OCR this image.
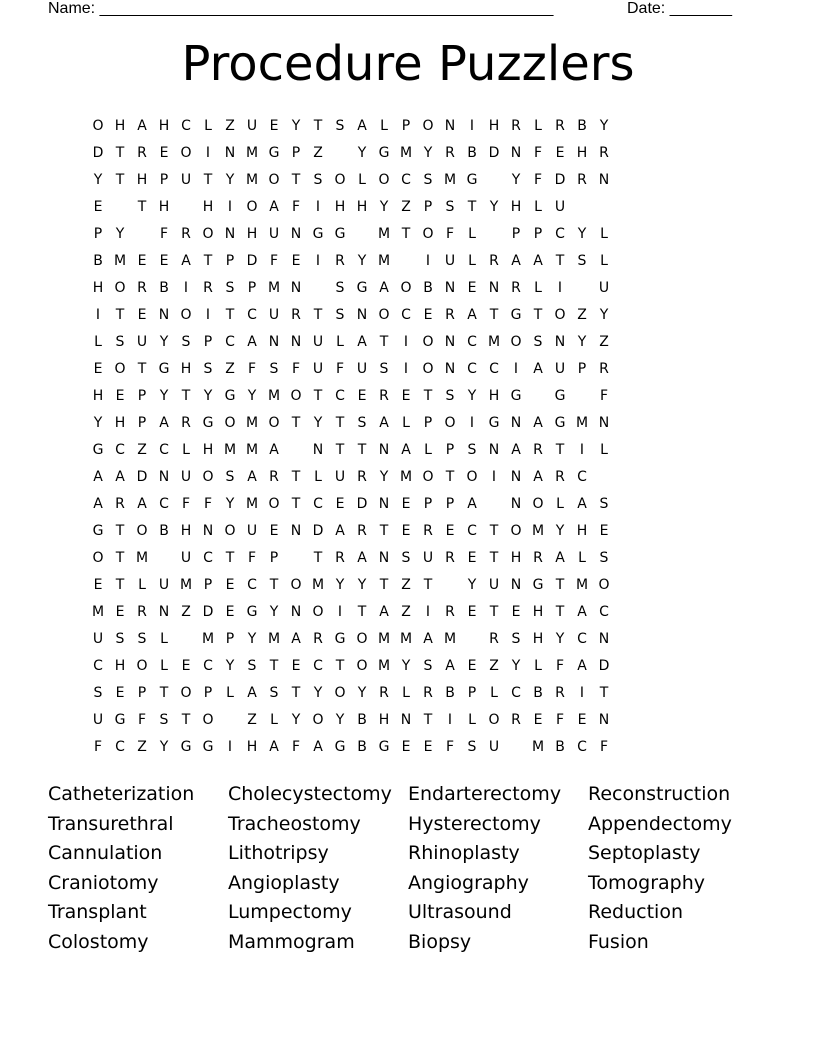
Name: ___________________________________________________

	Date: _______

Procedure Puzzlers
O H A H C L Z U E Y T S A L P O N I H R L R B Y
D T R E O I N M G P Z Y G M Y R B D N F E H R
Y T H P U T Y M O T S O L O C S M G Y F D R N
E	T H H I O A F I H H Y Z P S T Y H L U
P Y	F R O N H U N G G M T O F L	P P C Y L
B M E E A T P D F E I R Y M	I U L R A A T S L
H O R B I R S P M N S G A O B N E N R L I	U
I T E N O I T C U R T S N O C E R A T G T O Z Y
L S U Y S P C A N N U L A T I O N C M O S N Y Z
E O T G H S Z F S F U F U S I O N C C I A U P R
H E P Y T Y G Y M O T C E R E T S Y H G G F
Y H P A R G O M O T Y T S A L P O I G N A G M N
G C Z C L H M M A N T T N A L P S N A R T I L
A A D N U O S A R T L U R Y M O T O I N A R C
A R A C F F Y M O T C E D N E P P A N O L A S
G T O B H N O U E N D A R T E R E C T O M Y H E
O T M U C T F P	T R A N S U R E T H R A L S
E T L U M P E C T O M Y Y T Z T	Y U N G T M O
M E R N Z D E G Y N O I T A Z I R E T E H T A C
U S S L M P Y M A R G O M M A M R S H Y C N
C H O L E C Y S T E C T O M Y S A E Z Y L F A D
S E P T O P L A S T Y O Y R L R B P L C B R I T
U G F S T O Z L Y O Y B H N T I L O R E F E N
F C Z Y G G I H A F A G B G E E F S U M B C F
Catheterization Cholecystectomy Endarterectomy Reconstruction
Transurethral	Tracheostomy Hysterectomy Appendectomy
Cannulation	Lithotripsy	Rhinoplasty	Septoplasty
Craniotomy	Angioplasty	Angiography	Tomography
Transplant	Lumpectomy	Ultrasound	Reduction
Colostomy	Mammogram	Biopsy	Fusion
